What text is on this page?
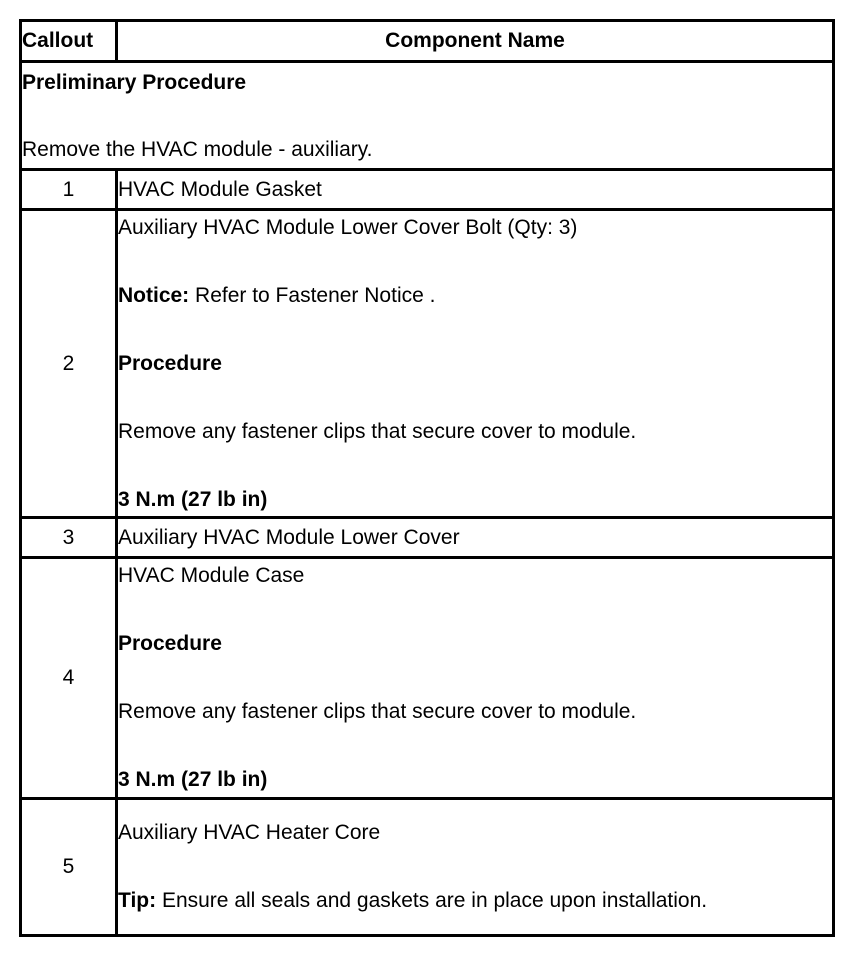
Callout	Component Name

Preliminary Procedure
Remove the HVAC module - auxiliary.	

1	HVAC Module Gasket
2	Auxiliary HVAC Module Lower Cover Bolt (Qty: 3)
Notice: Refer to Fastener Notice .
Procedure
Remove any fastener clips that secure cover to module.
3 N.m (27 lb in)

3	Auxiliary HVAC Module Lower Cover
4	HVAC Module Case
Procedure
Remove any fastener clips that secure cover to module.
3 N.m (27 lb in)

5	Auxiliary HVAC Heater Core
Tip: Ensure all seals and gaskets are in place upon installation.
